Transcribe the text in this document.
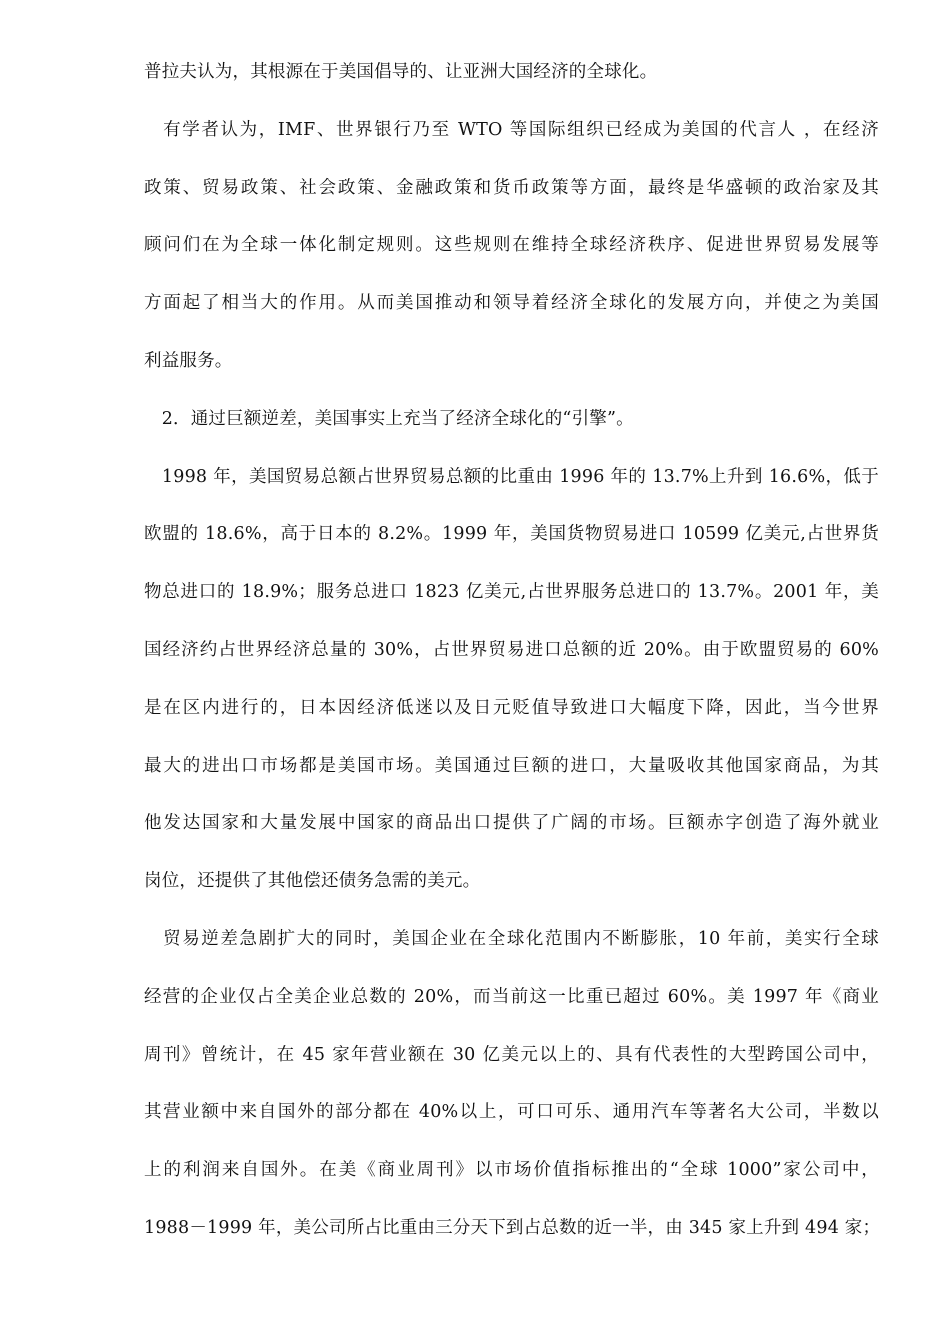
普拉夫认为，其根源在于美国倡导的、让亚洲大国经济的全球化。
　有学者认为，IMF、世界银行乃至 WTO 等国际组织已经成为美国的代言人 ，在经济
政策、贸易政策、社会政策、金融政策和货币政策等方面，最终是华盛顿的政治家及其
顾问们在为全球一体化制定规则。这些规则在维持全球经济秩序、促进世界贸易发展等
方面起了相当大的作用。从而美国推动和领导着经济全球化的发展方向，并使之为美国
利益服务。
　2．通过巨额逆差，美国事实上充当了经济全球化的“引擎”。
　1998 年，美国贸易总额占世界贸易总额的比重由 1996 年的 13.7%上升到 16.6%，低于
欧盟的 18.6%，高于日本的 8.2%。1999 年，美国货物贸易进口 10599 亿美元,占世界货
物总进口的 18.9%；服务总进口 1823 亿美元,占世界服务总进口的 13.7%。2001 年，美
国经济约占世界经济总量的 30%，占世界贸易进口总额的近 20%。由于欧盟贸易的 60%
是在区内进行的，日本因经济低迷以及日元贬值导致进口大幅度下降，因此，当今世界
最大的进出口市场都是美国市场。美国通过巨额的进口，大量吸收其他国家商品，为其
他发达国家和大量发展中国家的商品出口提供了广阔的市场。巨额赤字创造了海外就业
岗位，还提供了其他偿还债务急需的美元。
　贸易逆差急剧扩大的同时，美国企业在全球化范围内不断膨胀，10 年前，美实行全球
经营的企业仅占全美企业总数的 20%，而当前这一比重已超过 60%。美 1997 年《商业
周刊》曾统计，在 45 家年营业额在 30 亿美元以上的、具有代表性的大型跨国公司中，
其营业额中来自国外的部分都在 40%以上，可口可乐、通用汽车等著名大公司，半数以
上的利润来自国外。在美《商业周刊》以市场价值指标推出的“全球 1000”家公司中，
1988－1999 年，美公司所占比重由三分天下到占总数的近一半，由 345 家上升到 494 家；
